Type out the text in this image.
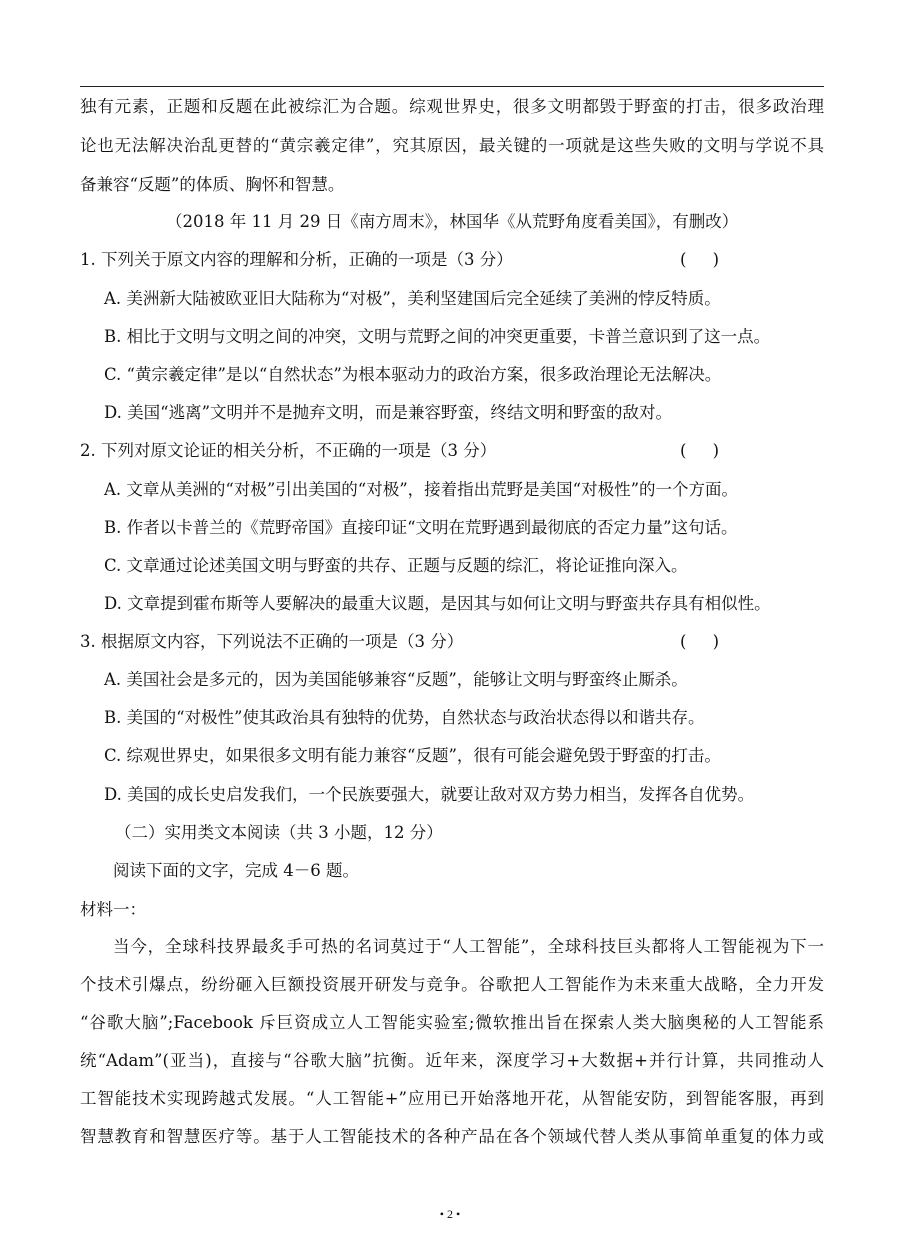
独有元素，正题和反题在此被综汇为合题。综观世界史，很多文明都毁于野蛮的打击，很多政治理
论也无法解决治乱更替的“黄宗羲定律”，究其原因，最关键的一项就是这些失败的文明与学说不具
备兼容“反题”的体质、胸怀和智慧。
（2018 年 11 月 29 日《南方周末》，林国华《从荒野角度看美国》，有删改）
1. 下列关于原文内容的理解和分析，正确的一项是（3 分）	(     )
A. 美洲新大陆被欧亚旧大陆称为“对极”，美利坚建国后完全延续了美洲的悖反特质。
B. 相比于文明与文明之间的冲突，文明与荒野之间的冲突更重要，卡普兰意识到了这一点。
C. “黄宗羲定律”是以“自然状态”为根本驱动力的政治方案，很多政治理论无法解决。
D. 美国“逃离”文明并不是抛弃文明，而是兼容野蛮，终结文明和野蛮的敌对。
2. 下列对原文论证的相关分析，不正确的一项是（3 分）	(     )
A. 文章从美洲的“对极”引出美国的“对极”，接着指出荒野是美国“对极性”的一个方面。
B. 作者以卡普兰的《荒野帝国》直接印证“文明在荒野遇到最彻底的否定力量”这句话。
C. 文章通过论述美国文明与野蛮的共存、正题与反题的综汇，将论证推向深入。
D. 文章提到霍布斯等人要解决的最重大议题，是因其与如何让文明与野蛮共存具有相似性。
3. 根据原文内容，下列说法不正确的一项是（3 分）	(     )
A. 美国社会是多元的，因为美国能够兼容“反题”，能够让文明与野蛮终止厮杀。
B. 美国的“对极性”使其政治具有独特的优势，自然状态与政治状态得以和谐共存。
C. 综观世界史，如果很多文明有能力兼容“反题”，很有可能会避免毁于野蛮的打击。
D. 美国的成长史启发我们，一个民族要强大，就要让敌对双方势力相当，发挥各自优势。
（二）实用类文本阅读（共 3 小题，12 分）
阅读下面的文字，完成 4－6 题。
材料一：
当今，全球科技界最炙手可热的名词莫过于“人工智能”，全球科技巨头都将人工智能视为下一
个技术引爆点，纷纷砸入巨额投资展开研发与竞争。谷歌把人工智能作为未来重大战略，全力开发
“谷歌大脑”;Facebook 斥巨资成立人工智能实验室;微软推出旨在探索人类大脑奥秘的人工智能系
统“Adam”(亚当)，直接与“谷歌大脑”抗衡。近年来，深度学习+大数据+并行计算，共同推动人
工智能技术实现跨越式发展。“人工智能+”应用已开始落地开花，从智能安防，到智能客服，再到
智慧教育和智慧医疗等。基于人工智能技术的各种产品在各个领域代替人类从事简单重复的体力或
• 2 •
